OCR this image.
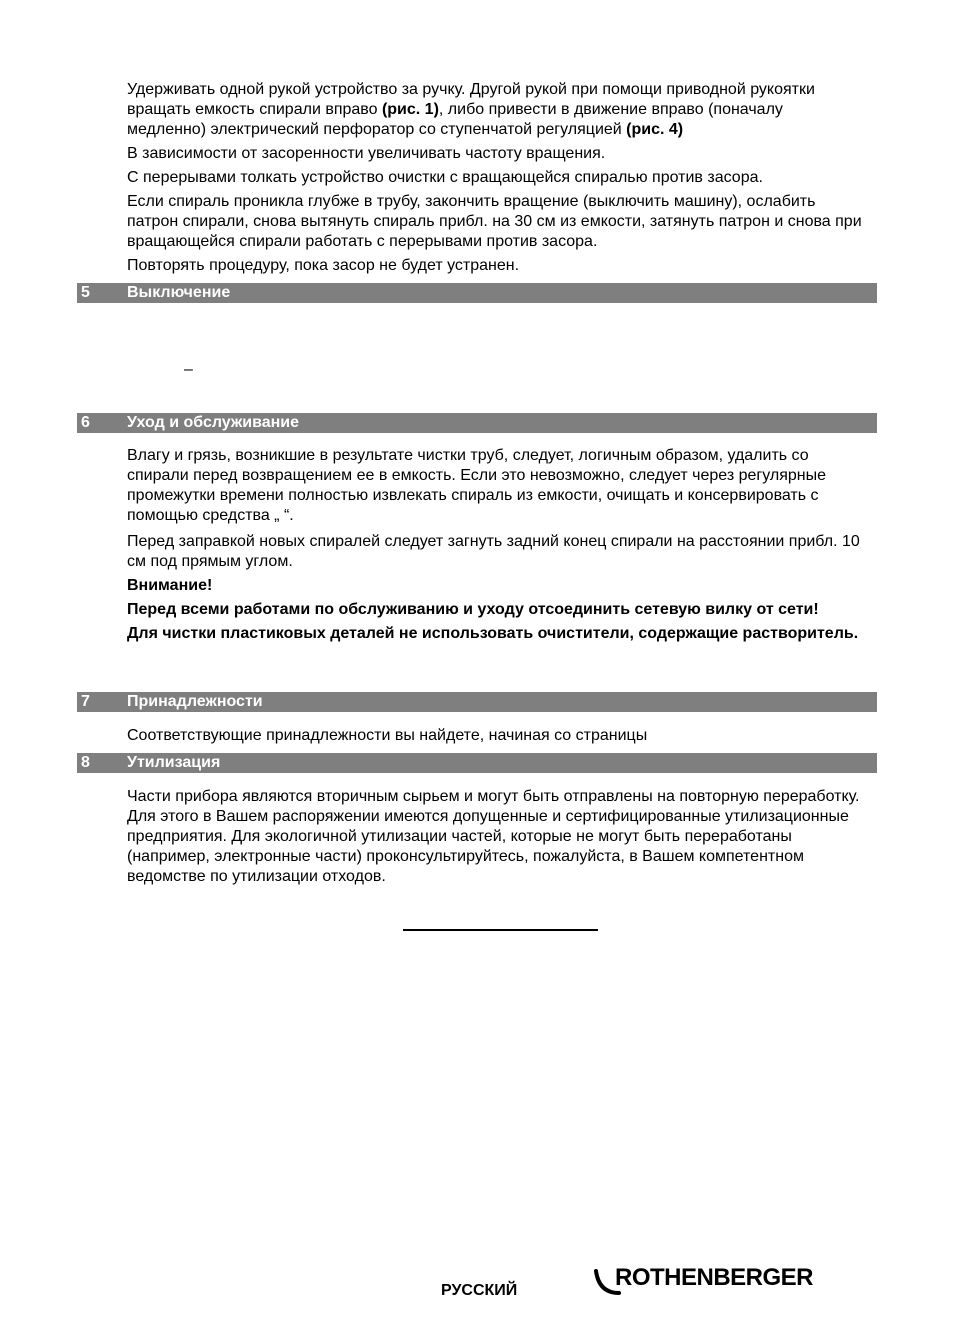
Удерживать одной рукой устройство за ручку. Другой рукой при помощи приводной рукоятки вращать емкость спирали вправо (рис. 1), либо привести в движение вправо (поначалу медленно) электрический перфоратор со ступенчатой регуляцией (рис. 4)

В зависимости от засоренности увеличивать частоту вращения.

С перерывами толкать устройство очистки с вращающейся спиралью против засора.

Если спираль проникла глубже в трубу, закончить вращение (выключить машину), ослабить патрон спирали, снова вытянуть спираль прибл. на 30 см из емкости, затянуть патрон и снова при вращающейся спирали работать с перерывами против засора.

Повторять процедуру, пока засор не будет устранен.

5 Выключение
–
6 Уход и обслуживание

Влагу и грязь, возникшие в результате чистки труб, следует, логичным образом, удалить со спирали перед возвращением ее в емкость. Если это невозможно, следует через регулярные промежутки времени полностью извлекать спираль из емкости, очищать и консервировать с помощью средства „ “.

Перед заправкой новых спиралей следует загнуть задний конец спирали на расстоянии прибл. 10 см под прямым углом.

Внимание!

Перед всеми работами по обслуживанию и уходу отсоединить сетевую вилку от сети!

Для чистки пластиковых деталей не использовать очистители, содержащие растворитель.

7 Принадлежности

Соответствующие принадлежности вы найдете, начиная со страницы

8 Утилизация

Части прибора являются вторичным сырьем и могут быть отправлены на повторную переработку. Для этого в Вашем распоряжении имеются допущенные и сертифицированные утилизационные предприятия. Для экологичной утилизации частей, которые не могут быть переработаны (например, электронные части) проконсультируйтесь, пожалуйста, в Вашем компетентном ведомстве по утилизации отходов.

РУССКИЙ	ROTHENBERGER
